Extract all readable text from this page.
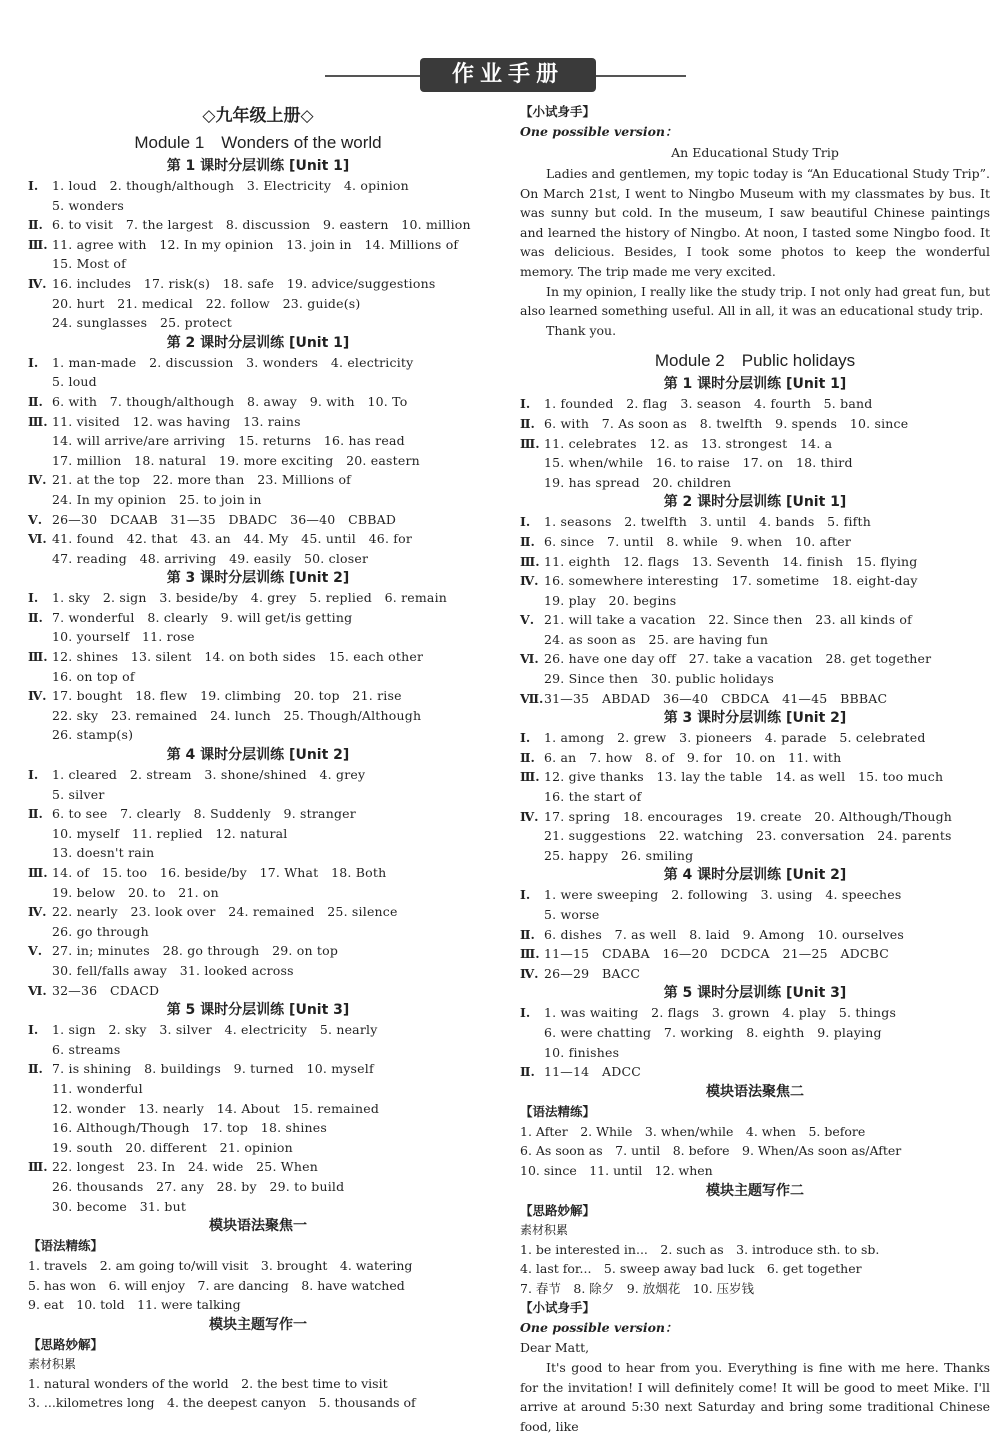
作业手册
◇九年级上册◇
Module 1　Wonders of the world
第 1 课时分层训练 [Unit 1]
Ⅰ.	1. loud　2. though/although　3. Electricity　4. opinion
5. wonders
Ⅱ. 6. to visit　7. the largest　8. discussion　9. eastern　10. million
Ⅲ. 11. agree with　12. In my opinion　13. join in　14. Millions of
15. Most of
Ⅳ. 16. includes　17. risk(s)　18. safe　19. advice/suggestions
20. hurt　21. medical　22. follow　23. guide(s)
24. sunglasses　25. protect
第 2 课时分层训练 [Unit 1]
Ⅰ.	1. man-made　2. discussion　3. wonders　4. electricity
5. loud
Ⅱ. 6. with　7. though/although　8. away　9. with　10. To
Ⅲ. 11. visited　12. was having　13. rains
14. will arrive/are arriving　15. returns　16. has read
17. million　18. natural　19. more exciting　20. eastern
Ⅳ. 21. at the top　22. more than　23. Millions of
24. In my opinion　25. to join in
Ⅴ. 26—30　DCAAB　31—35　DBADC　36—40　CBBAD
Ⅵ. 41. found　42. that　43. an　44. My　45. until　46. for
47. reading　48. arriving　49. easily　50. closer
第 3 课时分层训练 [Unit 2]
Ⅰ.	1. sky　2. sign　3. beside/by　4. grey　5. replied　6. remain
Ⅱ. 7. wonderful　8. clearly　9. will get/is getting
10. yourself　11. rose
Ⅲ. 12. shines　13. silent　14. on both sides　15. each other
16. on top of
Ⅳ. 17. bought　18. flew　19. climbing　20. top　21. rise
22. sky　23. remained　24. lunch　25. Though/Although
26. stamp(s)
第 4 课时分层训练 [Unit 2]
Ⅰ.	1. cleared　2. stream　3. shone/shined　4. grey
5. silver
Ⅱ. 6. to see　7. clearly　8. Suddenly　9. stranger
10. myself　11. replied　12. natural
13. doesn't rain
Ⅲ. 14. of　15. too　16. beside/by　17. What　18. Both
19. below　20. to　21. on
Ⅳ. 22. nearly　23. look over　24. remained　25. silence
26. go through
Ⅴ. 27. in; minutes　28. go through　29. on top
30. fell/falls away　31. looked across
Ⅵ. 32—36　CDACD
第 5 课时分层训练 [Unit 3]
Ⅰ.	1. sign　2. sky　3. silver　4. electricity　5. nearly
6. streams
Ⅱ. 7. is shining　8. buildings　9. turned　10. myself
11. wonderful
12. wonder　13. nearly　14. About　15. remained
16. Although/Though　17. top　18. shines
19. south　20. different　21. opinion
Ⅲ. 22. longest　23. In　24. wide　25. When
26. thousands　27. any　28. by　29. to build
30. become　31. but
模块语法聚焦一
【语法精练】
1. travels　2. am going to/will visit　3. brought　4. watering
5. has won　6. will enjoy　7. are dancing　8. have watched
9. eat　10. told　11. were talking
模块主题写作一
【思路妙解】
素材积累
1. natural wonders of the world　2. the best time to visit
3. ...kilometres long　4. the deepest canyon　5. thousands of
【小试身手】
One possible version：
An Educational Study Trip
Ladies and gentlemen, my topic today is “An Educational Study Trip”. On March 21st, I went to Ningbo Museum with my classmates by bus. It was sunny but cold. In the museum, I saw beautiful Chinese paintings and learned the history of Ningbo. At noon, I tasted some Ningbo food. It was delicious. Besides, I took some photos to keep the wonderful memory. The trip made me very excited.
In my opinion, I really like the study trip. I not only had great fun, but also learned something useful. All in all, it was an educational study trip.
Thank you.
Module 2　Public holidays
第 1 课时分层训练 [Unit 1]
Ⅰ.	1. founded　2. flag　3. season　4. fourth　5. band
Ⅱ. 6. with　7. As soon as　8. twelfth　9. spends　10. since
Ⅲ. 11. celebrates　12. as　13. strongest　14. a
15. when/while　16. to raise　17. on　18. third
19. has spread　20. children
第 2 课时分层训练 [Unit 1]
Ⅰ.	1. seasons　2. twelfth　3. until　4. bands　5. fifth
Ⅱ. 6. since　7. until　8. while　9. when　10. after
Ⅲ. 11. eighth　12. flags　13. Seventh　14. finish　15. flying
Ⅳ. 16. somewhere interesting　17. sometime　18. eight-day
19. play　20. begins
Ⅴ. 21. will take a vacation　22. Since then　23. all kinds of
24. as soon as　25. are having fun
Ⅵ. 26. have one day off　27. take a vacation　28. get together
29. Since then　30. public holidays
Ⅶ. 31—35　ABDAD　36—40　CBDCA　41—45　BBBAC
第 3 课时分层训练 [Unit 2]
Ⅰ.	1. among　2. grew　3. pioneers　4. parade　5. celebrated
Ⅱ. 6. an　7. how　8. of　9. for　10. on　11. with
Ⅲ. 12. give thanks　13. lay the table　14. as well　15. too much
16. the start of
Ⅳ. 17. spring　18. encourages　19. create　20. Although/Though
21. suggestions　22. watching　23. conversation　24. parents
25. happy　26. smiling
第 4 课时分层训练 [Unit 2]
Ⅰ.	1. were sweeping　2. following　3. using　4. speeches
5. worse
Ⅱ. 6. dishes　7. as well　8. laid　9. Among　10. ourselves
Ⅲ. 11—15　CDABA　16—20　DCDCA　21—25　ADCBC
Ⅳ. 26—29　BACC
第 5 课时分层训练 [Unit 3]
Ⅰ.	1. was waiting　2. flags　3. grown　4. play　5. things
6. were chatting　7. working　8. eighth　9. playing
10. finishes
Ⅱ. 11—14　ADCC
模块语法聚焦二
【语法精练】
1. After　2. While　3. when/while　4. when　5. before
6. As soon as　7. until　8. before　9. When/As soon as/After
10. since　11. until　12. when
模块主题写作二
【思路妙解】
素材积累
1. be interested in...　2. such as　3. introduce sth. to sb.
4. last for...　5. sweep away bad luck　6. get together
7. 春节　8. 除夕　9. 放烟花　10. 压岁钱
【小试身手】
One possible version：
Dear Matt,
It's good to hear from you. Everything is fine with me here. Thanks for the invitation! I will definitely come! It will be good to meet Mike. I'll arrive at around 5:30 next Saturday and bring some traditional Chinese food, like
